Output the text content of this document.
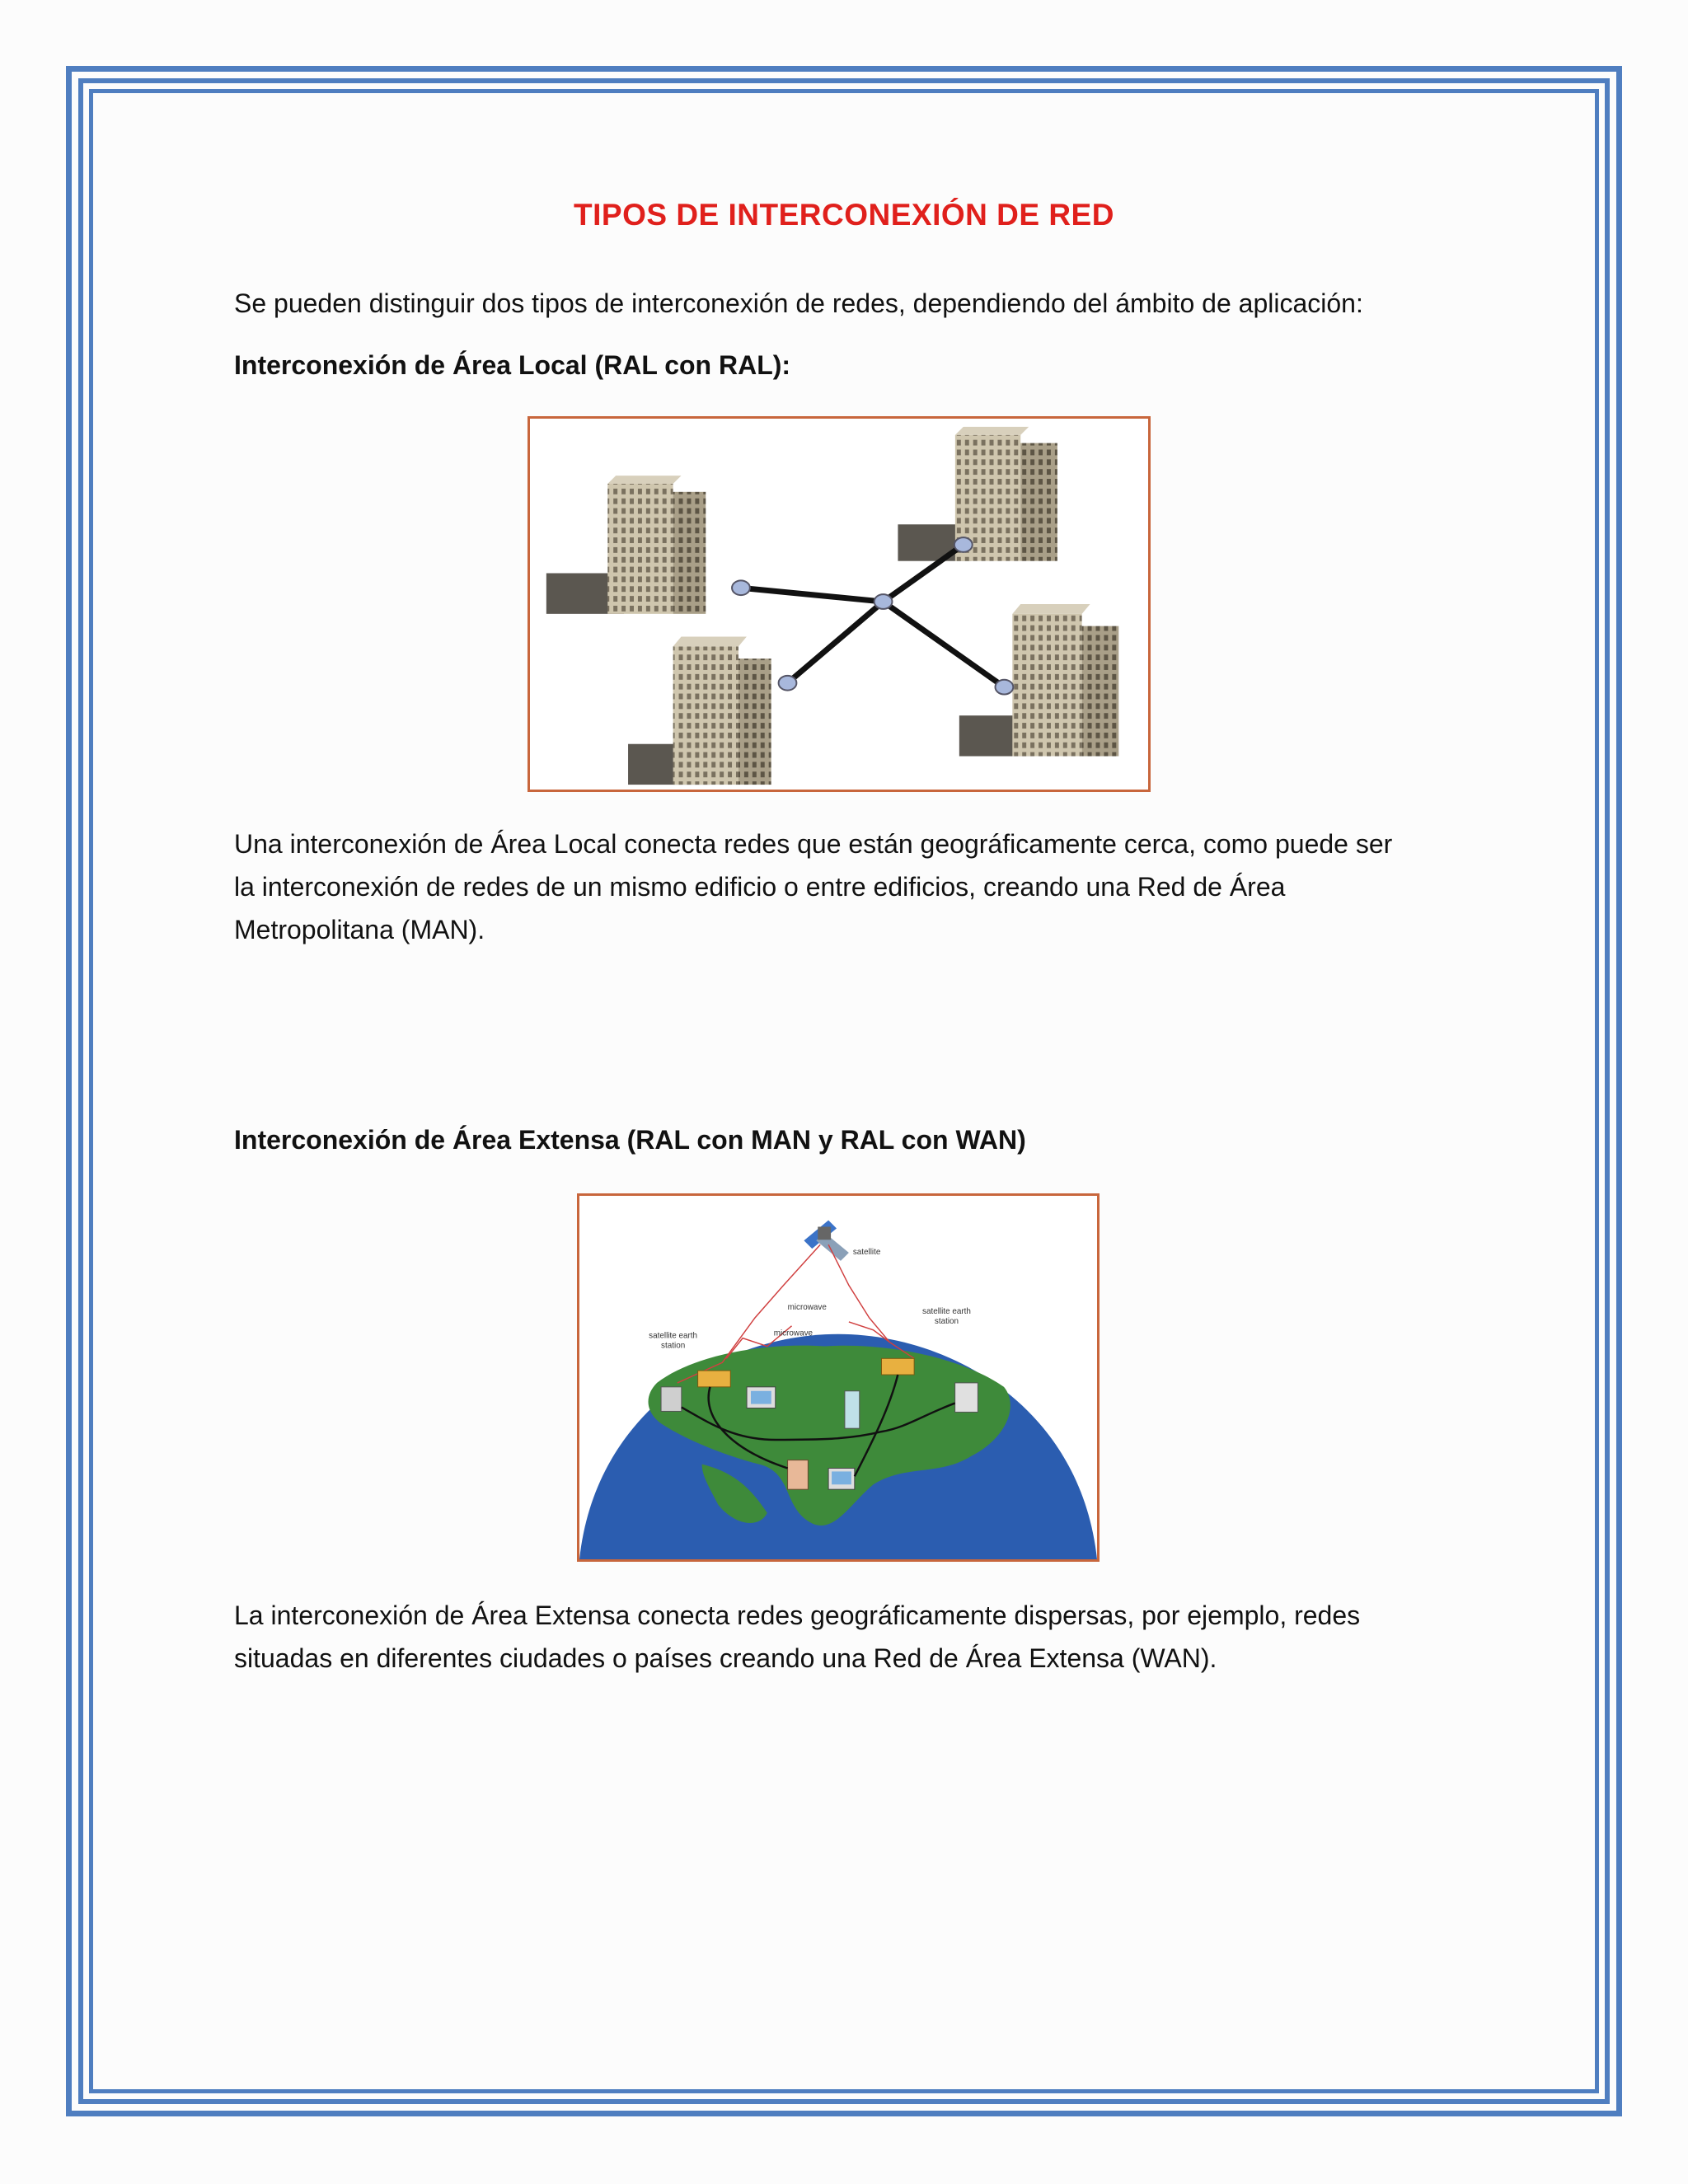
TIPOS DE INTERCONEXIÓN DE RED
Se pueden distinguir dos tipos de interconexión de redes, dependiendo del ámbito de aplicación:
Interconexión de Área Local (RAL con RAL):
Una interconexión de Área Local conecta redes que están geográficamente cerca, como puede ser
la interconexión de redes de un mismo edificio o entre edificios, creando una Red de Área
Metropolitana (MAN).
Interconexión de Área Extensa (RAL con MAN y RAL con WAN)
satellite
microwave
microwave
satellite earth
station
satellite earth
station
La interconexión de Área Extensa conecta redes geográficamente dispersas, por ejemplo, redes
situadas en diferentes ciudades o países creando una Red de Área Extensa (WAN).
